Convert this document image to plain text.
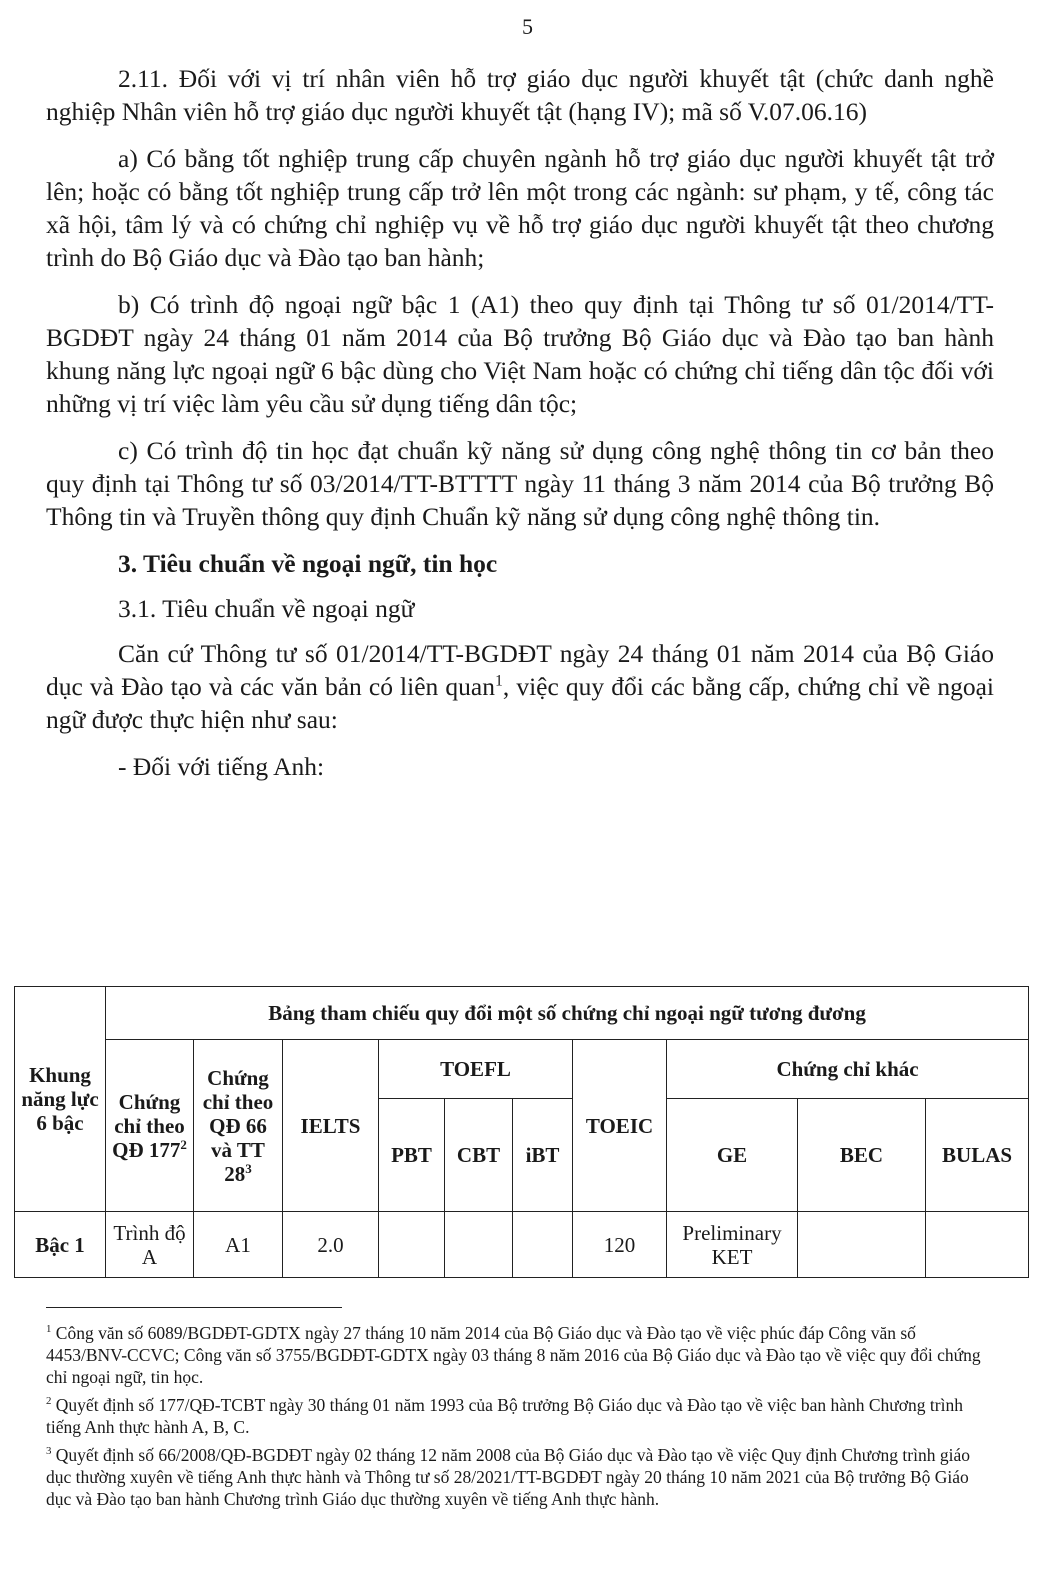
5

2.11. Đối với vị trí nhân viên hỗ trợ giáo dục người khuyết tật (chức danh nghề nghiệp Nhân viên hỗ trợ giáo dục người khuyết tật (hạng IV); mã số V.07.06.16)

a) Có bằng tốt nghiệp trung cấp chuyên ngành hỗ trợ giáo dục người khuyết tật trở lên; hoặc có bằng tốt nghiệp trung cấp trở lên một trong các ngành: sư phạm, y tế, công tác xã hội, tâm lý và có chứng chỉ nghiệp vụ về hỗ trợ giáo dục người khuyết tật theo chương trình do Bộ Giáo dục và Đào tạo ban hành;

b) Có trình độ ngoại ngữ bậc 1 (A1) theo quy định tại Thông tư số 01/2014/TT-BGDĐT ngày 24 tháng 01 năm 2014 của Bộ trưởng Bộ Giáo dục và Đào tạo ban hành khung năng lực ngoại ngữ 6 bậc dùng cho Việt Nam hoặc có chứng chỉ tiếng dân tộc đối với những vị trí việc làm yêu cầu sử dụng tiếng dân tộc;

c) Có trình độ tin học đạt chuẩn kỹ năng sử dụng công nghệ thông tin cơ bản theo quy định tại Thông tư số 03/2014/TT-BTTTT ngày 11 tháng 3 năm 2014 của Bộ trưởng Bộ Thông tin và Truyền thông quy định Chuẩn kỹ năng sử dụng công nghệ thông tin.

3. Tiêu chuẩn về ngoại ngữ, tin học

3.1. Tiêu chuẩn về ngoại ngữ

Căn cứ Thông tư số 01/2014/TT-BGDĐT ngày 24 tháng 01 năm 2014 của Bộ Giáo dục và Đào tạo và các văn bản có liên quan$^1$, việc quy đổi các bằng cấp, chứng chỉ về ngoại ngữ được thực hiện như sau:

- Đối với tiếng Anh:

Khung năng lực 6 bậc	Bảng tham chiếu quy đổi một số chứng chỉ ngoại ngữ tương đương									
	Chứng chỉ theo QĐ $177^2$	Chứng chỉ theo QĐ 66 và TT $28^3$	IELTS	TOEFL			TOEIC	Chứng chỉ khác		
				PBT	CBT	iBT		GE	BEC	BULAS
Bậc 1	Trình độ A	A1	2.0				120	Preliminary KET		

$^1$ Công văn số 6089/BGDĐT-GDTX ngày 27 tháng 10 năm 2014 của Bộ Giáo dục và Đào tạo về việc phúc đáp Công văn số 4453/BNV-CCVC; Công văn số 3755/BGDĐT-GDTX ngày 03 tháng 8 năm 2016 của Bộ Giáo dục và Đào tạo về việc quy đổi chứng chỉ ngoại ngữ, tin học.

$^2$ Quyết định số 177/QĐ-TCBT ngày 30 tháng 01 năm 1993 của Bộ trưởng Bộ Giáo dục và Đào tạo về việc ban hành Chương trình tiếng Anh thực hành A, B, C.

$^3$ Quyết định số 66/2008/QĐ-BGDĐT ngày 02 tháng 12 năm 2008 của Bộ Giáo dục và Đào tạo về việc Quy định Chương trình giáo dục thường xuyên về tiếng Anh thực hành và Thông tư số 28/2021/TT-BGDĐT ngày 20 tháng 10 năm 2021 của Bộ trưởng Bộ Giáo dục và Đào tạo ban hành Chương trình Giáo dục thường xuyên về tiếng Anh thực hành.
